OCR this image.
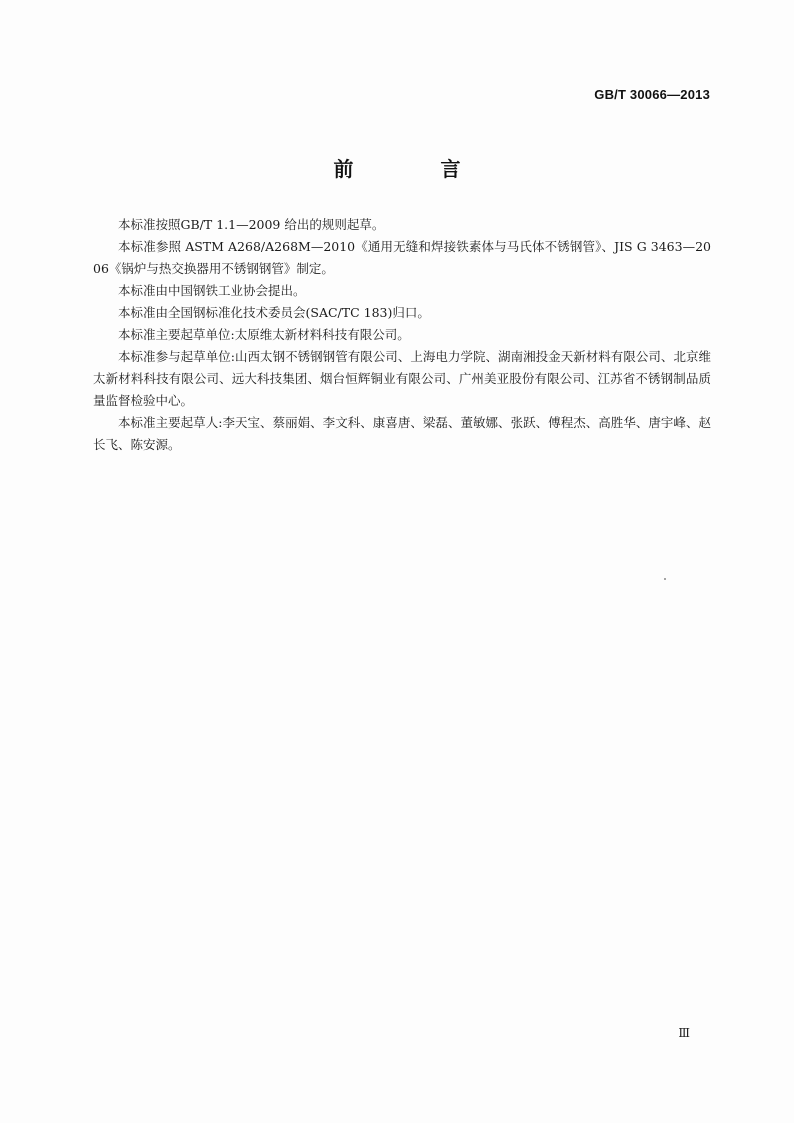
GB/T 30066—2013
前 言

本标准按照GB/T 1.1—2009 给出的规则起草。

本标准参照 ASTM A268/A268M—2010《通用无缝和焊接铁素体与马氏体不锈钢管》、JIS G 3463—2006《锅炉与热交换器用不锈钢钢管》制定。

本标准由中国钢铁工业协会提出。

本标准由全国钢标准化技术委员会(SAC/TC 183)归口。

本标准主要起草单位:太原维太新材料科技有限公司。

本标准参与起草单位:山西太钢不锈钢钢管有限公司、上海电力学院、湖南湘投金天新材料有限公司、北京维太新材料科技有限公司、远大科技集团、烟台恒辉铜业有限公司、广州美亚股份有限公司、江苏省不锈钢制品质量监督检验中心。

本标准主要起草人:李天宝、蔡丽娟、李文科、康喜唐、梁磊、董敏娜、张跃、傅程杰、高胜华、唐宇峰、赵长飞、陈安源。

Ⅲ
